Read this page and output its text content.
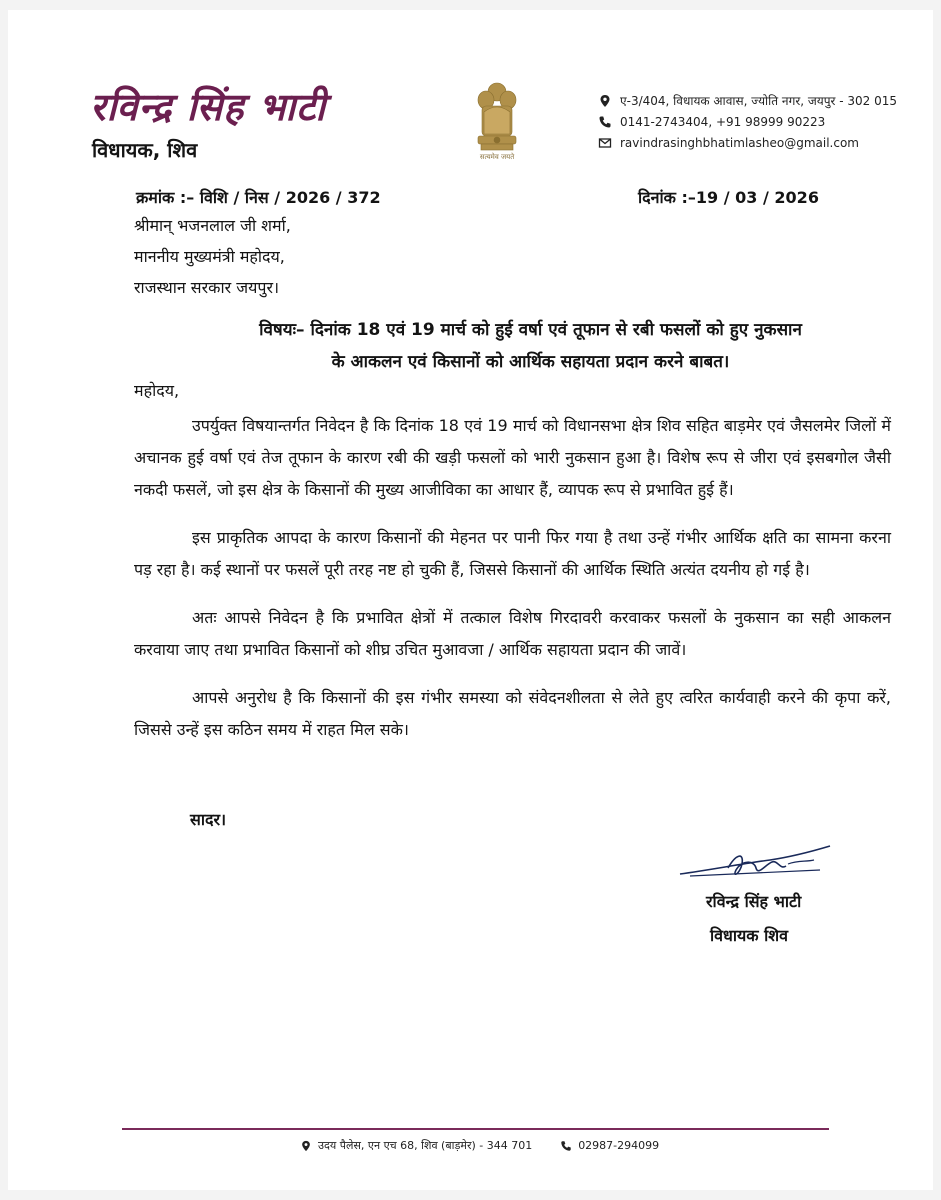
रविन्द्र सिंह भाटी
विधायक, शिव	सत्यमेव जयते
ए-3/404, विधायक आवास, ज्योति नगर, जयपुर - 302 015
0141-2743404, +91 98999 90223
ravindrasinghbhatimlasheo@gmail.com
क्रमांक :– विशि / निस / 2026 / 372	दिनांक :–19 / 03 / 2026
श्रीमान् भजनलाल जी शर्मा,
माननीय मुख्यमंत्री महोदय,
राजस्थान सरकार जयपुर।
विषयः– दिनांक 18 एवं 19 मार्च को हुई वर्षा एवं तूफान से रबी फसलों को हुए नुकसान
के आकलन एवं किसानों को आर्थिक सहायता प्रदान करने बाबत।
महोदय,

उपर्युक्त विषयान्तर्गत निवेदन है कि दिनांक 18 एवं 19 मार्च को विधानसभा क्षेत्र शिव सहित बाड़मेर एवं जैसलमेर जिलों में अचानक हुई वर्षा एवं तेज तूफान के कारण रबी की खड़ी फसलों को भारी नुकसान हुआ है। विशेष रूप से जीरा एवं इसबगोल जैसी नकदी फसलें, जो इस क्षेत्र के किसानों की मुख्य आजीविका का आधार हैं, व्यापक रूप से प्रभावित हुई हैं।

इस प्राकृतिक आपदा के कारण किसानों की मेहनत पर पानी फिर गया है तथा उन्हें गंभीर आर्थिक क्षति का सामना करना पड़ रहा है। कई स्थानों पर फसलें पूरी तरह नष्ट हो चुकी हैं, जिससे किसानों की आर्थिक स्थिति अत्यंत दयनीय हो गई है।

अतः आपसे निवेदन है कि प्रभावित क्षेत्रों में तत्काल विशेष गिरदावरी करवाकर फसलों के नुकसान का सही आकलन करवाया जाए तथा प्रभावित किसानों को शीघ्र उचित मुआवजा / आर्थिक सहायता प्रदान की जावें।

आपसे अनुरोध है कि किसानों की इस गंभीर समस्या को संवेदनशीलता से लेते हुए त्वरित कार्यवाही करने की कृपा करें, जिससे उन्हें इस कठिन समय में राहत मिल सके।

सादर।
रविन्द्र सिंह भाटी
विधायक शिव
उदय पैलेस, एन एच 68, शिव (बाड़मेर) - 344 701	02987-294099
